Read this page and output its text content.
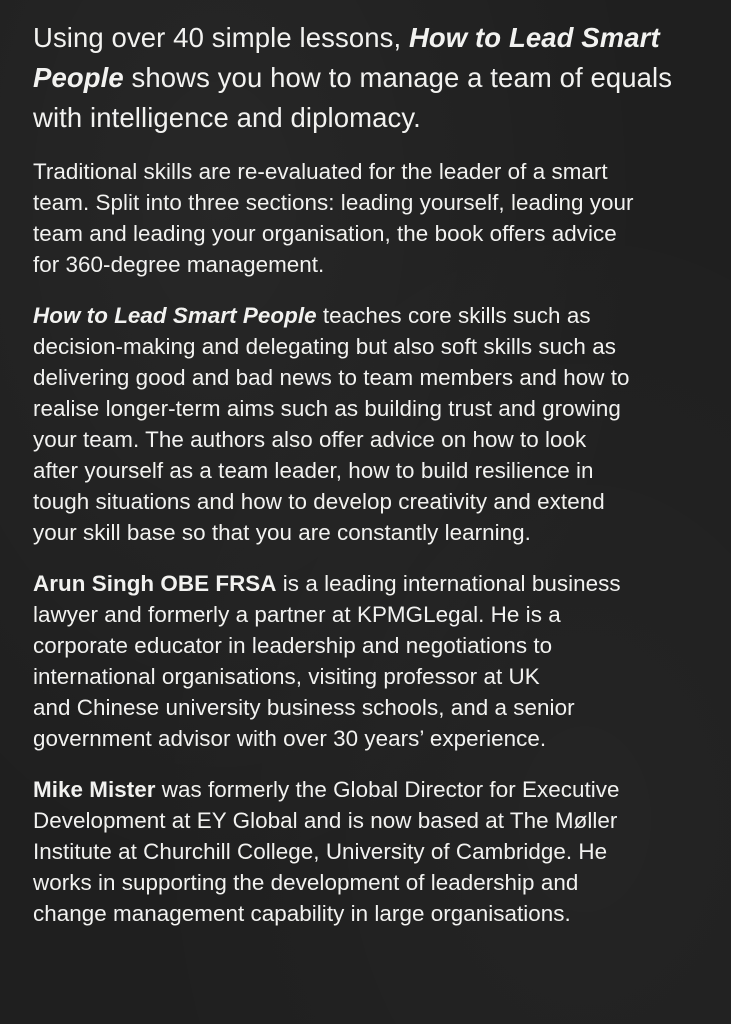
Using over 40 simple lessons, How to Lead Smart
People shows you how to manage a team of equals
with intelligence and diplomacy.

Traditional skills are re-evaluated for the leader of a smart
team. Split into three sections: leading yourself, leading your
team and leading your organisation, the book offers advice
for 360-degree management.

How to Lead Smart People teaches core skills such as
decision-making and delegating but also soft skills such as
delivering good and bad news to team members and how to
realise longer-term aims such as building trust and growing
your team. The authors also offer advice on how to look
after yourself as a team leader, how to build resilience in
tough situations and how to develop creativity and extend
your skill base so that you are constantly learning.

Arun Singh OBE FRSA is a leading international business
lawyer and formerly a partner at KPMGLegal. He is a
corporate educator in leadership and negotiations to
international organisations, visiting professor at UK
and Chinese university business schools, and a senior
government advisor with over 30 years’ experience.

Mike Mister was formerly the Global Director for Executive
Development at EY Global and is now based at The Møller
Institute at Churchill College, University of Cambridge. He
works in supporting the development of leadership and
change management capability in large organisations.
